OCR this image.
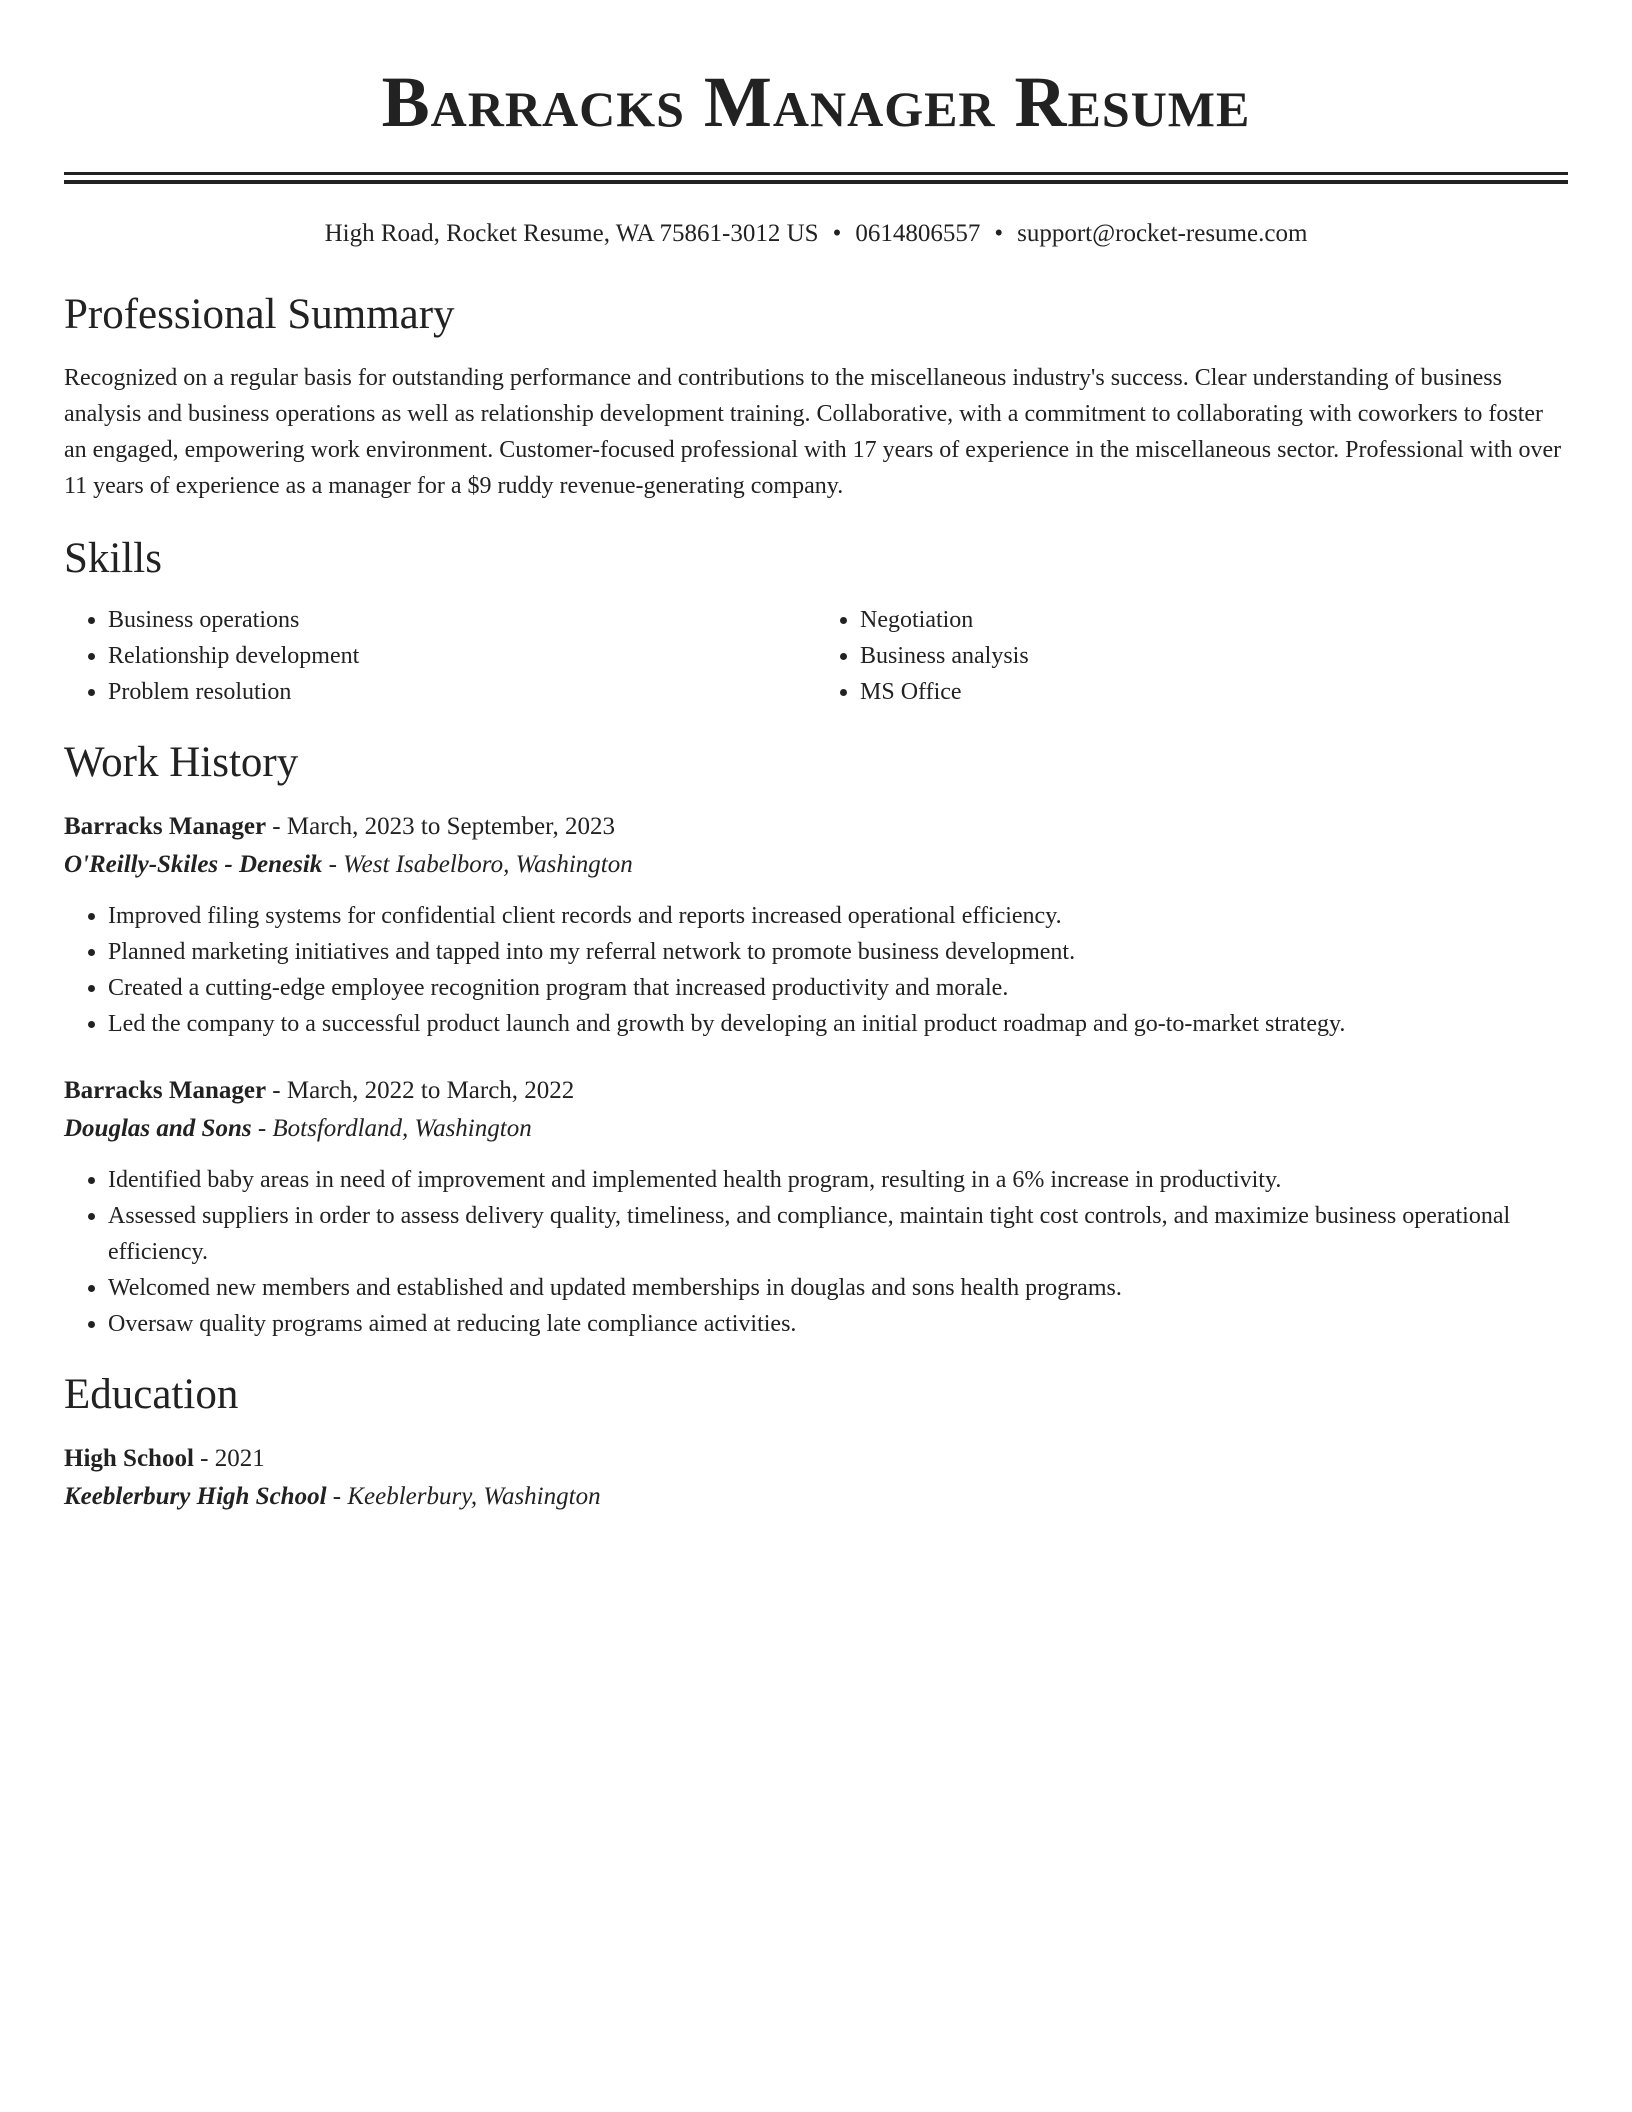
Barracks Manager Resume
High Road, Rocket Resume, WA 75861-3012 US • 0614806557 • support@rocket-resume.com
Professional Summary

Recognized on a regular basis for outstanding performance and contributions to the miscellaneous industry's success. Clear understanding of business analysis and business operations as well as relationship development training. Collaborative, with a commitment to collaborating with coworkers to foster an engaged, empowering work environment. Customer-focused professional with 17 years of experience in the miscellaneous sector. Professional with over 11 years of experience as a manager for a $9 ruddy revenue-generating company.

Skills
• Business operations
• Relationship development
• Problem resolution
• Negotiation
• Business analysis
• MS Office
Work History
Barracks Manager - March, 2023 to September, 2023
O'Reilly-Skiles - Denesik - West Isabelboro, Washington
• Improved filing systems for confidential client records and reports increased operational efficiency.
• Planned marketing initiatives and tapped into my referral network to promote business development.
• Created a cutting-edge employee recognition program that increased productivity and morale.
• Led the company to a successful product launch and growth by developing an initial product roadmap and go-to-market strategy.
Barracks Manager - March, 2022 to March, 2022
Douglas and Sons - Botsfordland, Washington
• Identified baby areas in need of improvement and implemented health program, resulting in a 6% increase in productivity.
• Assessed suppliers in order to assess delivery quality, timeliness, and compliance, maintain tight cost controls, and maximize business operational efficiency.
• Welcomed new members and established and updated memberships in douglas and sons health programs.
• Oversaw quality programs aimed at reducing late compliance activities.
Education
High School - 2021
Keeblerbury High School - Keeblerbury, Washington
